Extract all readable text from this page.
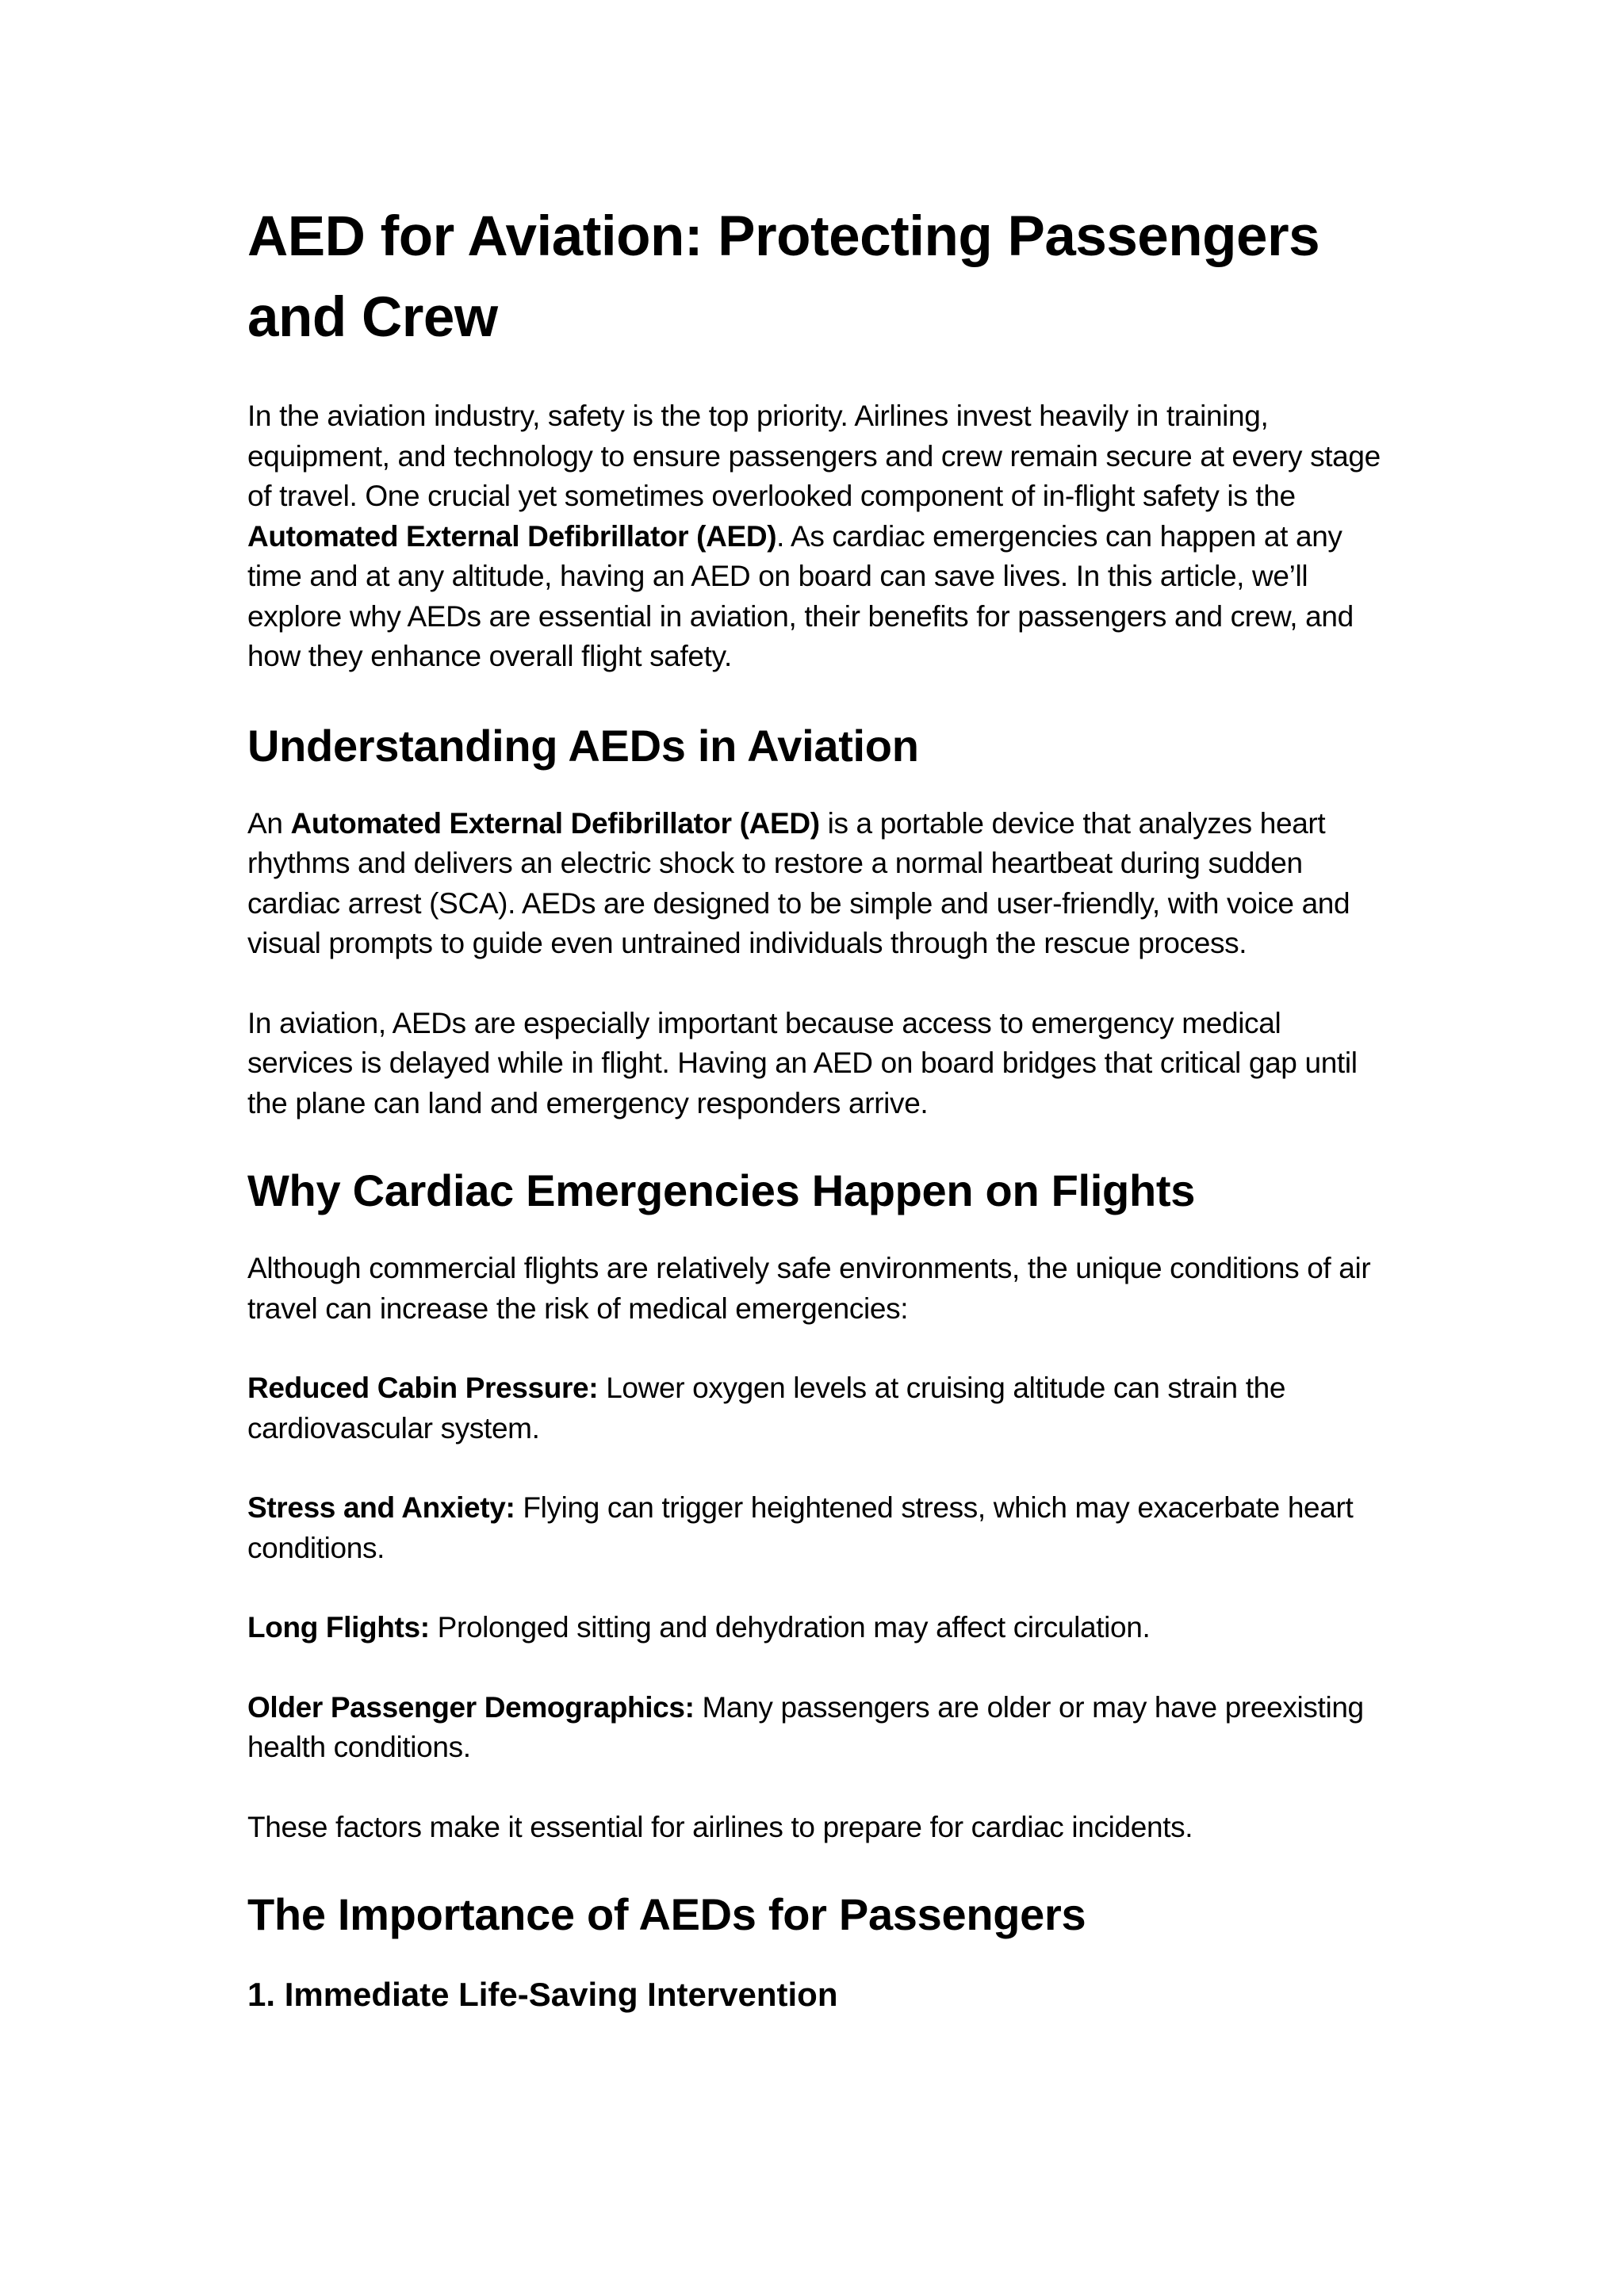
AED for Aviation: Protecting Passengers and Crew

In the aviation industry, safety is the top priority. Airlines invest heavily in training, equipment, and technology to ensure passengers and crew remain secure at every stage of travel. One crucial yet sometimes overlooked component of in-flight safety is the Automated External Defibrillator (AED). As cardiac emergencies can happen at any time and at any altitude, having an AED on board can save lives. In this article, we’ll explore why AEDs are essential in aviation, their benefits for passengers and crew, and how they enhance overall flight safety.

Understanding AEDs in Aviation

An Automated External Defibrillator (AED) is a portable device that analyzes heart rhythms and delivers an electric shock to restore a normal heartbeat during sudden cardiac arrest (SCA). AEDs are designed to be simple and user-friendly, with voice and visual prompts to guide even untrained individuals through the rescue process.

In aviation, AEDs are especially important because access to emergency medical services is delayed while in flight. Having an AED on board bridges that critical gap until the plane can land and emergency responders arrive.

Why Cardiac Emergencies Happen on Flights

Although commercial flights are relatively safe environments, the unique conditions of air travel can increase the risk of medical emergencies:

Reduced Cabin Pressure: Lower oxygen levels at cruising altitude can strain the cardiovascular system.

Stress and Anxiety: Flying can trigger heightened stress, which may exacerbate heart conditions.

Long Flights: Prolonged sitting and dehydration may affect circulation.

Older Passenger Demographics: Many passengers are older or may have preexisting health conditions.

These factors make it essential for airlines to prepare for cardiac incidents.

The Importance of AEDs for Passengers
1. Immediate Life-Saving Intervention
